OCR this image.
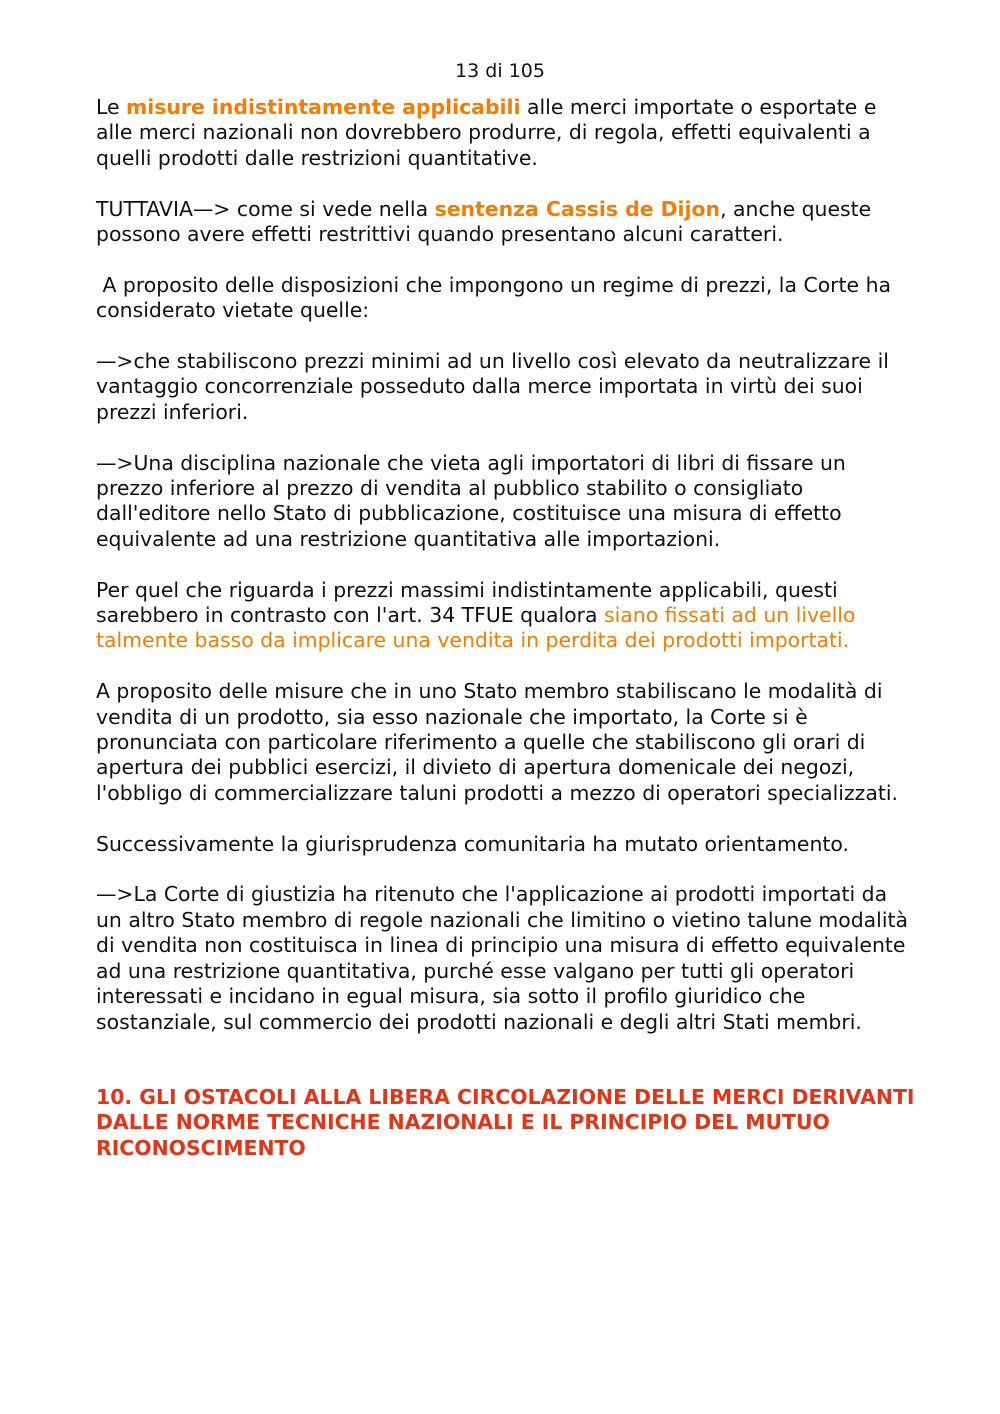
13 di 105

Le misure indistintamente applicabili alle merci importate o esportate e alle merci nazionali non dovrebbero produrre, di regola, effetti equivalenti a quelli prodotti dalle restrizioni quantitative.

TUTTAVIA—> come si vede nella sentenza Cassis de Dijon, anche queste possono avere effetti restrittivi quando presentano alcuni caratteri.

A proposito delle disposizioni che impongono un regime di prezzi, la Corte ha considerato vietate quelle:

—>che stabiliscono prezzi minimi ad un livello così elevato da neutralizzare il vantaggio concorrenziale posseduto dalla merce importata in virtù dei suoi prezzi inferiori.

—>Una disciplina nazionale che vieta agli importatori di libri di fissare un prezzo inferiore al prezzo di vendita al pubblico stabilito o consigliato dall'editore nello Stato di pubblicazione, costituisce una misura di effetto equivalente ad una restrizione quantitativa alle importazioni.

Per quel che riguarda i prezzi massimi indistintamente applicabili, questi sarebbero in contrasto con l'art. 34 TFUE qualora siano fissati ad un livello talmente basso da implicare una vendita in perdita dei prodotti importati.

A proposito delle misure che in uno Stato membro stabiliscano le modalità di vendita di un prodotto, sia esso nazionale che importato, la Corte si è pronunciata con particolare riferimento a quelle che stabiliscono gli orari di apertura dei pubblici esercizi, il divieto di apertura domenicale dei negozi, l'obbligo di commercializzare taluni prodotti a mezzo di operatori specializzati.

Successivamente la giurisprudenza comunitaria ha mutato orientamento.

—>La Corte di giustizia ha ritenuto che l'applicazione ai prodotti importati da un altro Stato membro di regole nazionali che limitino o vietino talune modalità di vendita non costituisca in linea di principio una misura di effetto equivalente ad una restrizione quantitativa, purché esse valgano per tutti gli operatori interessati e incidano in egual misura, sia sotto il profilo giuridico che sostanziale, sul commercio dei prodotti nazionali e degli altri Stati membri.

10. GLI OSTACOLI ALLA LIBERA CIRCOLAZIONE DELLE MERCI DERIVANTI DALLE NORME TECNICHE NAZIONALI E IL PRINCIPIO DEL MUTUO RICONOSCIMENTO
